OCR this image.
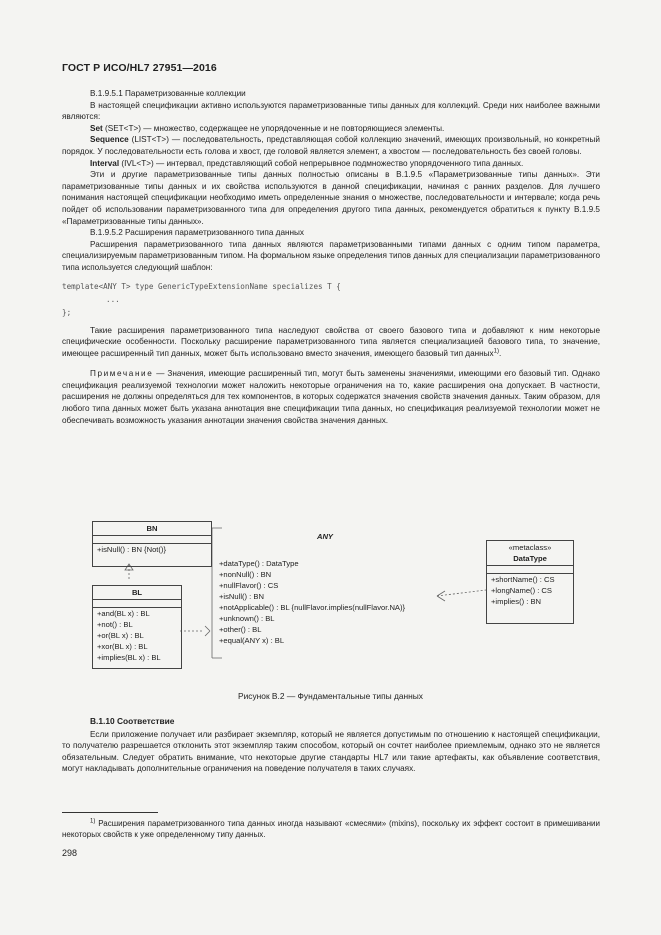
ГОСТ Р ИСО/HL7 27951—2016

B.1.9.5.1 Параметризованные коллекции

В настоящей спецификации активно используются параметризованные типы данных для коллекций. Среди них наиболее важными являются:

Set (SET<T>) — множество, содержащее не упорядоченные и не повторяющиеся элементы.

Sequence (LIST<T>) — последовательность, представляющая собой коллекцию значений, имеющих произвольный, но конкретный порядок. У последовательности есть голова и хвост, где головой является элемент, а хвостом — последовательность без своей головы.

Interval (IVL<T>) — интервал, представляющий собой непрерывное подмножество упорядоченного типа данных.

Эти и другие параметризованные типы данных полностью описаны в B.1.9.5 «Параметризованные типы данных». Эти параметризованные типы данных и их свойства используются в данной спецификации, начиная с ранних разделов. Для лучшего понимания настоящей спецификации необходимо иметь определенные знания о множестве, последовательности и интервале; когда речь пойдет об использовании параметризованного типа для определения другого типа данных, рекомендуется обратиться к пункту B.1.9.5 «Параметризованные типы данных».

B.1.9.5.2 Расширения параметризованного типа данных

Расширения параметризованного типа данных являются параметризованными типами данных с одним типом параметра, специализируемым параметризованным типом. На формальном языке определения типов данных для специализации параметризованного типа используется следующий шаблон:

template<ANY T> type GenericTypeExtensionName specializes T {
...
};

Такие расширения параметризованного типа наследуют свойства от своего базового типа и добавляют к ним некоторые специфические особенности. Поскольку расширение параметризованного типа является специализацией базового типа, то значение, имеющее расширенный тип данных, может быть использовано вместо значения, имеющего базовый тип данных$^{1)}$.

Примечание — Значения, имеющие расширенный тип, могут быть заменены значениями, имеющими его базовый тип. Однако спецификация реализуемой технологии может наложить некоторые ограничения на то, какие расширения она допускает. В частности, расширения не должны определяться для тех компонентов, в которых содержатся значения свойств значения данных. Таким образом, для любого типа данных может быть указана аннотация вне спецификации типа данных, но спецификация реализуемой технологии может не обеспечивать возможность указания аннотации значения свойства значения данных.

BN
+isNull() : BN {Not()}
BL
+and(BL x) : BL
+not() : BL
+or(BL x) : BL
+xor(BL x) : BL
+implies(BL x) : BL
ANY
+dataType() : DataType
+nonNull() : BN
+nullFlavor() : CS
+isNull() : BN
+notApplicable() : BL {nullFlavor.implies(nullFlavor.NA)}
+unknown() : BL
+other() : BL
+equal(ANY x) : BL
«metaclass»
DataType
+shortName() : CS
+longName() : CS
+implies() : BN
Рисунок B.2 — Фундаментальные типы данных
B.1.10 Соответствие

Если приложение получает или разбирает экземпляр, который не является допустимым по отношению к настоящей спецификации, то получателю разрешается отклонить этот экземпляр таким способом, который он сочтет наиболее приемлемым, однако это не является обязательным. Следует обратить внимание, что некоторые другие стандарты HL7 или такие артефакты, как объявление соответствия, могут накладывать дополнительные ограничения на поведение получателя в таких случаях.

$^{1)}$ Расширения параметризованного типа данных иногда называют «смесями» (mixins), поскольку их эффект состоит в примешивании некоторых свойств к уже определенному типу данных.
298
